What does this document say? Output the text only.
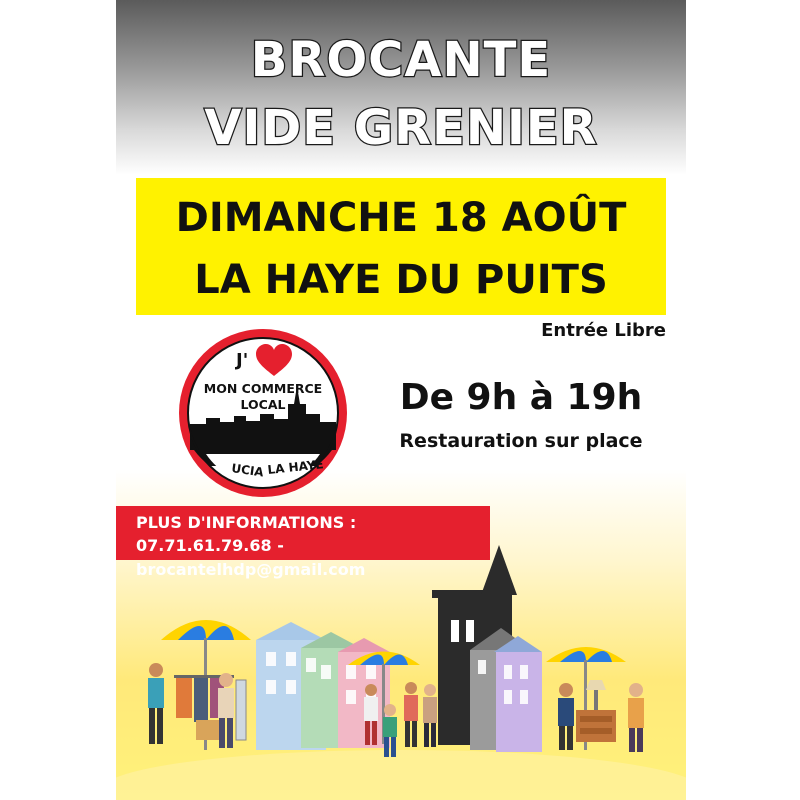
BROCANTE
VIDE GRENIER
DIMANCHE 18 AOÛT
LA HAYE DU PUITS
Entrée Libre
J'
MON COMMERCE
LOCAL
UCIA LA HAYE
De 9h à 19h
Restauration sur place
PLUS D'INFORMATIONS :
07.71.61.79.68 - brocantelhdp@gmail.com
